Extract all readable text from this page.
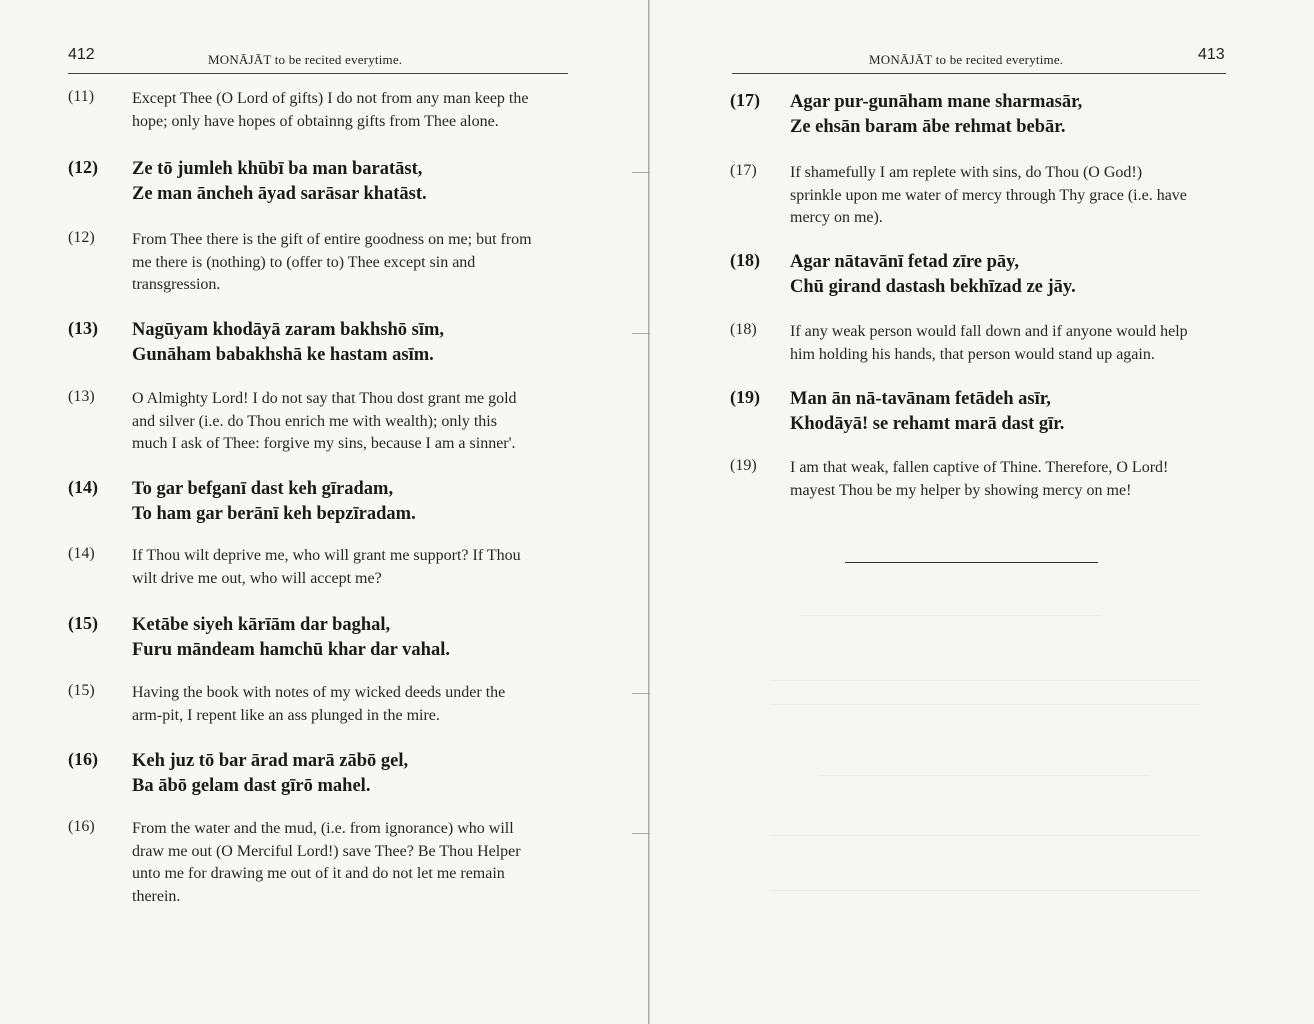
412	MONĀJĀT to be recited everytime.
(11) Except Thee (O Lord of gifts) I do not from any man keep the
hope; only have hopes of obtainng gifts from Thee alone.
(12) Ze tō jumleh khūbī ba man baratāst,
Ze man āncheh āyad sarāsar khatāst.
(12) From Thee there is the gift of entire goodness on me; but from
me there is (nothing) to (offer to) Thee except sin and
transgression.
(13) Nagūyam khodāyā zaram bakhshō sīm,
Gunāham babakhshā ke hastam asīm.
(13) O Almighty Lord! I do not say that Thou dost grant me gold
and silver (i.e. do Thou enrich me with wealth); only this
much I ask of Thee: forgive my sins, because I am a sinner'.
(14) To gar befganī dast keh gīradam,
To ham gar berānī keh bepzīradam.
(14) If Thou wilt deprive me, who will grant me support? If Thou
wilt drive me out, who will accept me?
(15) Ketābe siyeh kārīām dar baghal,
Furu māndeam hamchū khar dar vahal.
(15) Having the book with notes of my wicked deeds under the
arm-pit, I repent like an ass plunged in the mire.
(16) Keh juz tō bar ārad marā zābō gel,
Ba ābō gelam dast gīrō mahel.
(16) From the water and the mud, (i.e. from ignorance) who will
draw me out (O Merciful Lord!) save Thee? Be Thou Helper
unto me for drawing me out of it and do not let me remain
therein.
MONĀJĀT to be recited everytime.	413
(17) Agar pur-gunāham mane sharmasār,
Ze ehsān baram ābe rehmat bebār.
(17) If shamefully I am replete with sins, do Thou (O God!)
sprinkle upon me water of mercy through Thy grace (i.e. have
mercy on me).
(18) Agar nātavānī fetad zīre pāy,
Chū girand dastash bekhīzad ze jāy.
(18) If any weak person would fall down and if anyone would help
him holding his hands, that person would stand up again.
(19) Man ān nā-tavānam fetādeh asīr,
Khodāyā! se rehamt marā dast gīr.
(19) I am that weak, fallen captive of Thine. Therefore, O Lord!
mayest Thou be my helper by showing mercy on me!
